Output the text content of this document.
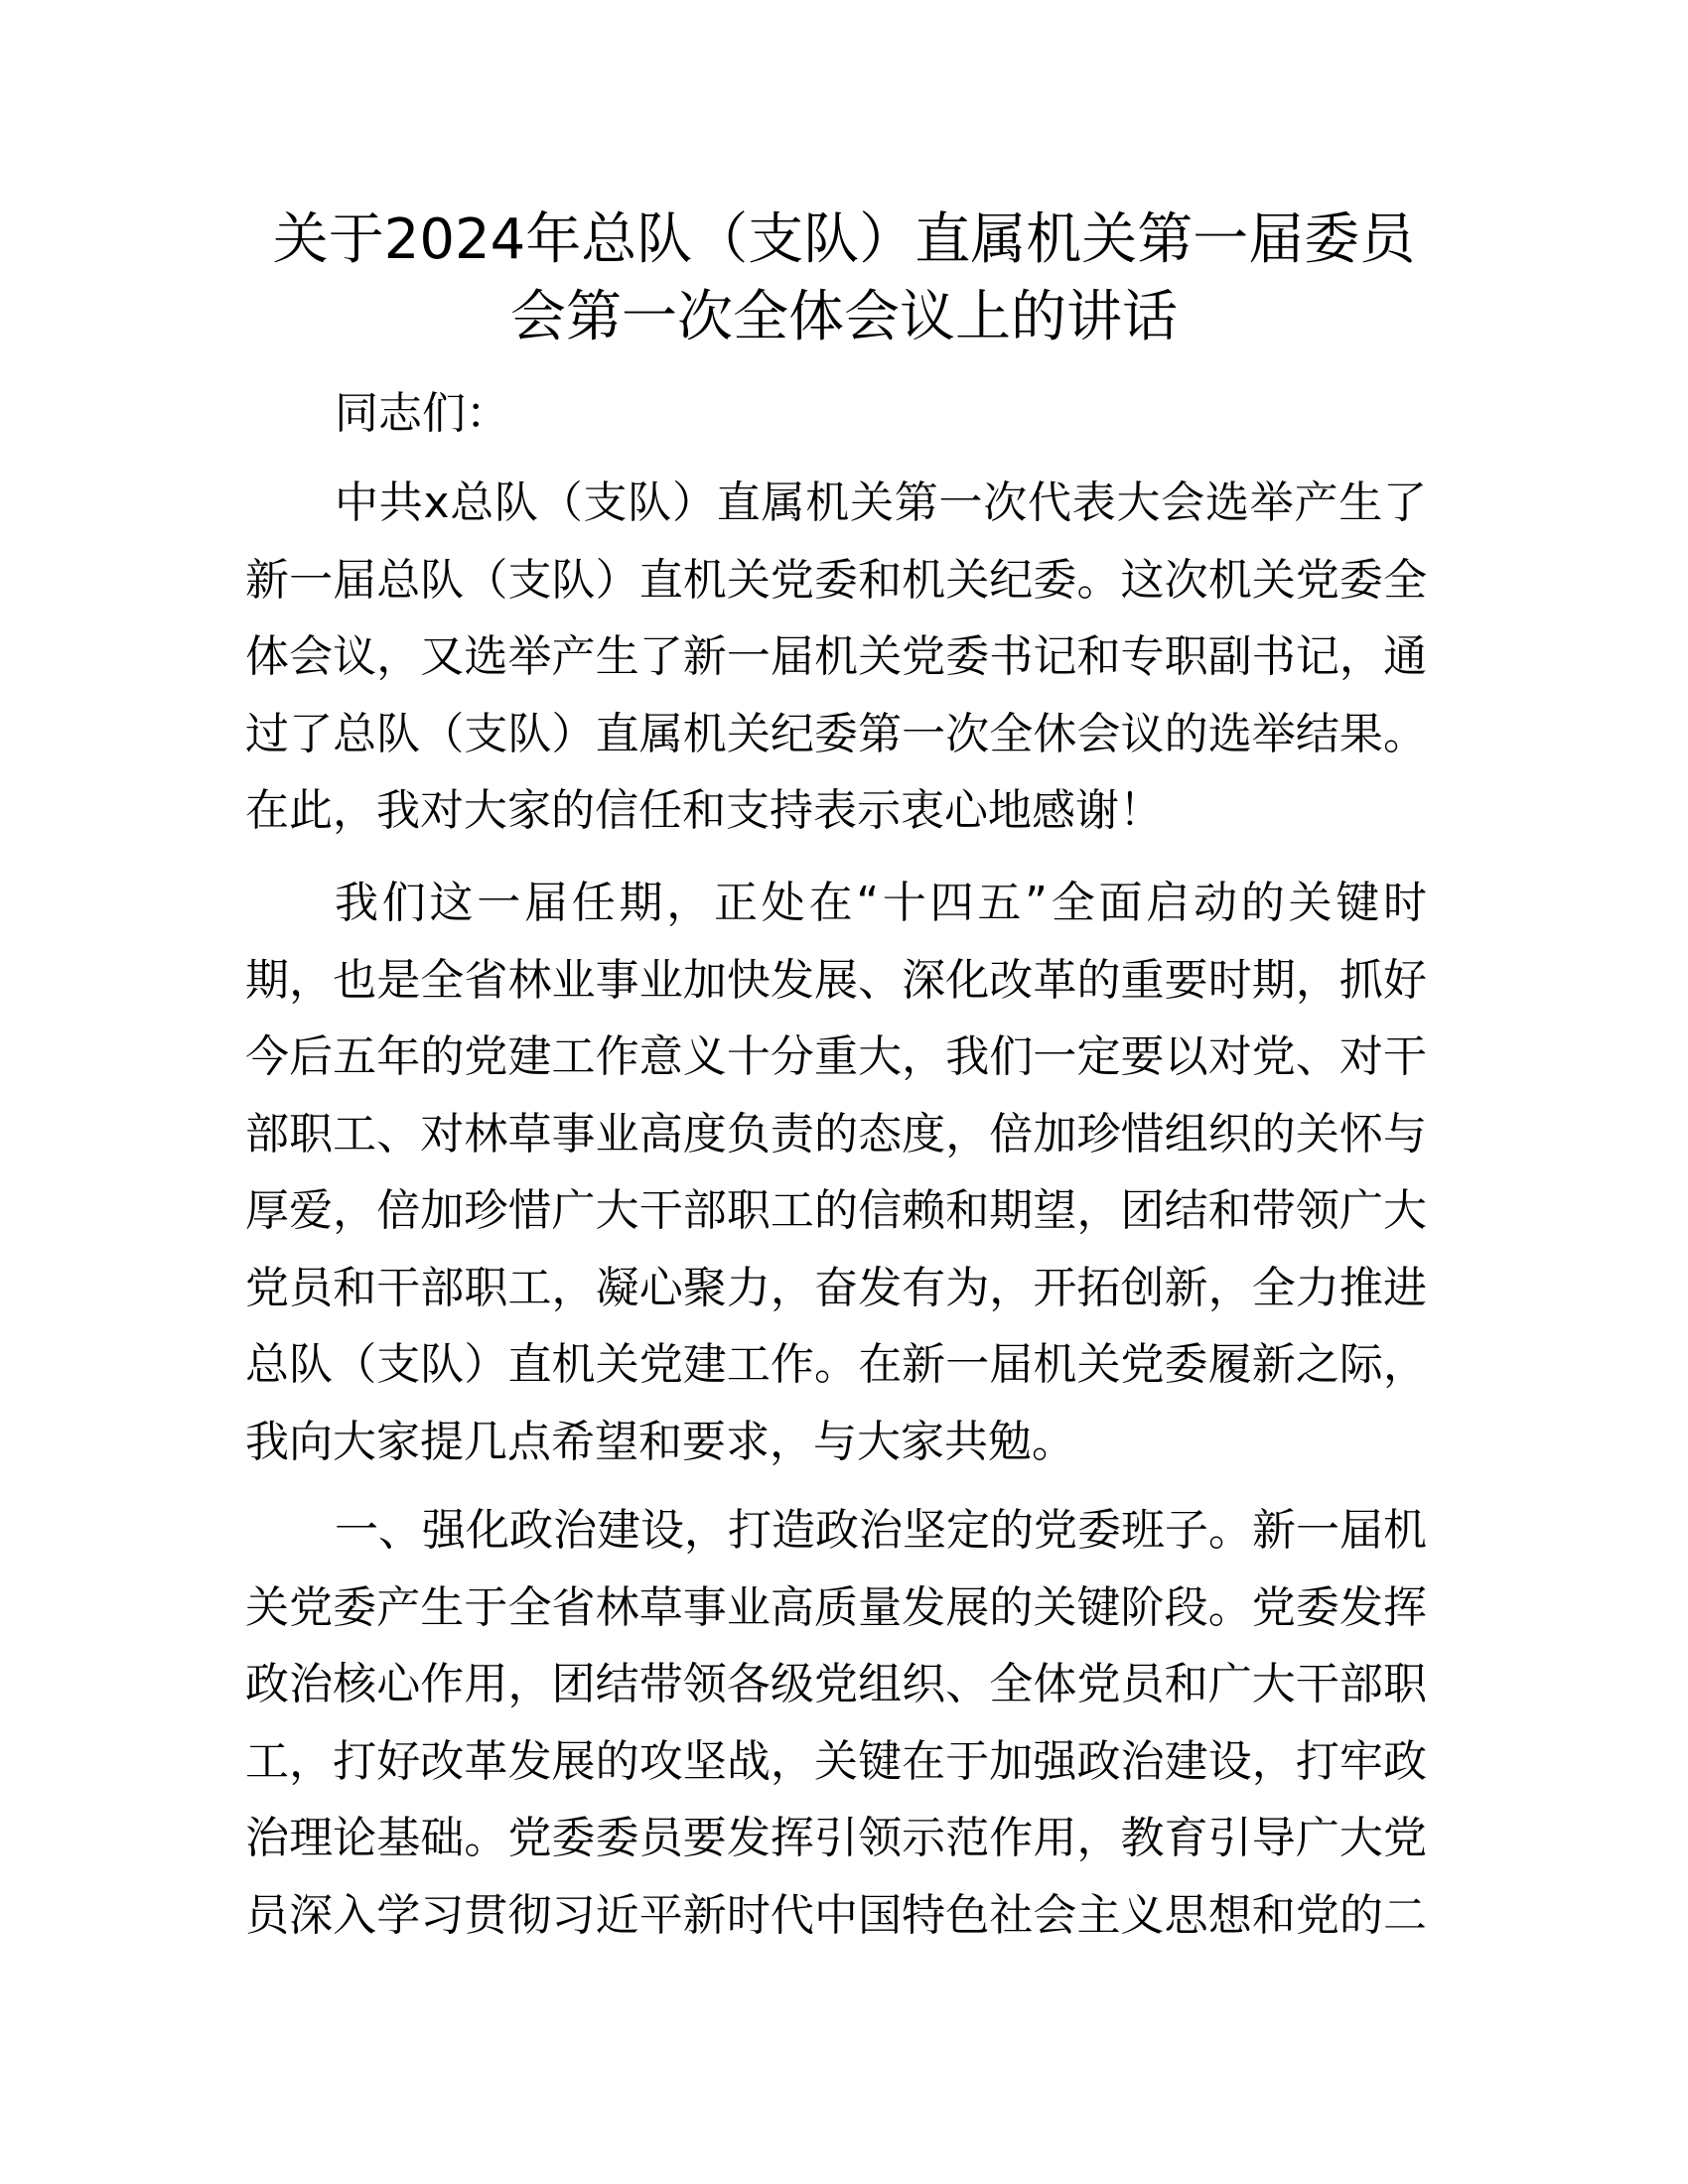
关于2024年总队（支队）直属机关第一届委员
会第一次全体会议上的讲话
同志们：
中共x总队（支队）直属机关第一次代表大会选举产生了
新一届总队（支队）直机关党委和机关纪委。这次机关党委全
体会议，又选举产生了新一届机关党委书记和专职副书记，通
过了总队（支队）直属机关纪委第一次全休会议的选举结果。
在此，我对大家的信任和支持表示衷心地感谢！
我们这一届任期，正处在“十四五”全面启动的关键时
期，也是全省林业事业加快发展、深化改革的重要时期，抓好
今后五年的党建工作意义十分重大，我们一定要以对党、对干
部职工、对林草事业高度负责的态度，倍加珍惜组织的关怀与
厚爱，倍加珍惜广大干部职工的信赖和期望，团结和带领广大
党员和干部职工，凝心聚力，奋发有为，开拓创新，全力推进
总队（支队）直机关党建工作。在新一届机关党委履新之际，
我向大家提几点希望和要求，与大家共勉。
一、强化政治建设，打造政治坚定的党委班子。新一届机
关党委产生于全省林草事业高质量发展的关键阶段。党委发挥
政治核心作用，团结带领各级党组织、全体党员和广大干部职
工，打好改革发展的攻坚战，关键在于加强政治建设，打牢政
治理论基础。党委委员要发挥引领示范作用，教育引导广大党
员深入学习贯彻习近平新时代中国特色社会主义思想和党的二
